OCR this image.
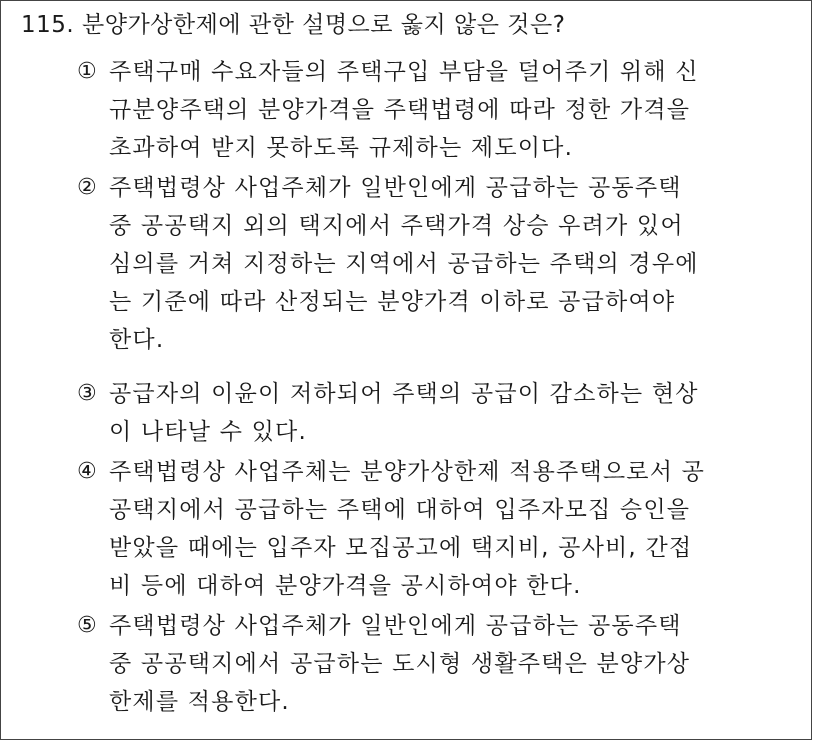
115. 분양가상한제에 관한 설명으로 옳지 않은 것은?
① 주택구매 수요자들의 주택구입 부담을 덜어주기 위해 신
규분양주택의 분양가격을 주택법령에 따라 정한 가격을
초과하여 받지 못하도록 규제하는 제도이다.
② 주택법령상 사업주체가 일반인에게 공급하는 공동주택
중 공공택지 외의 택지에서 주택가격 상승 우려가 있어
심의를 거쳐 지정하는 지역에서 공급하는 주택의 경우에
는 기준에 따라 산정되는 분양가격 이하로 공급하여야
한다.
③ 공급자의 이윤이 저하되어 주택의 공급이 감소하는 현상
이 나타날 수 있다.
④ 주택법령상 사업주체는 분양가상한제 적용주택으로서 공
공택지에서 공급하는 주택에 대하여 입주자모집 승인을
받았을 때에는 입주자 모집공고에 택지비, 공사비, 간접
비 등에 대하여 분양가격을 공시하여야 한다.
⑤ 주택법령상 사업주체가 일반인에게 공급하는 공동주택
중 공공택지에서 공급하는 도시형 생활주택은 분양가상
한제를 적용한다.
